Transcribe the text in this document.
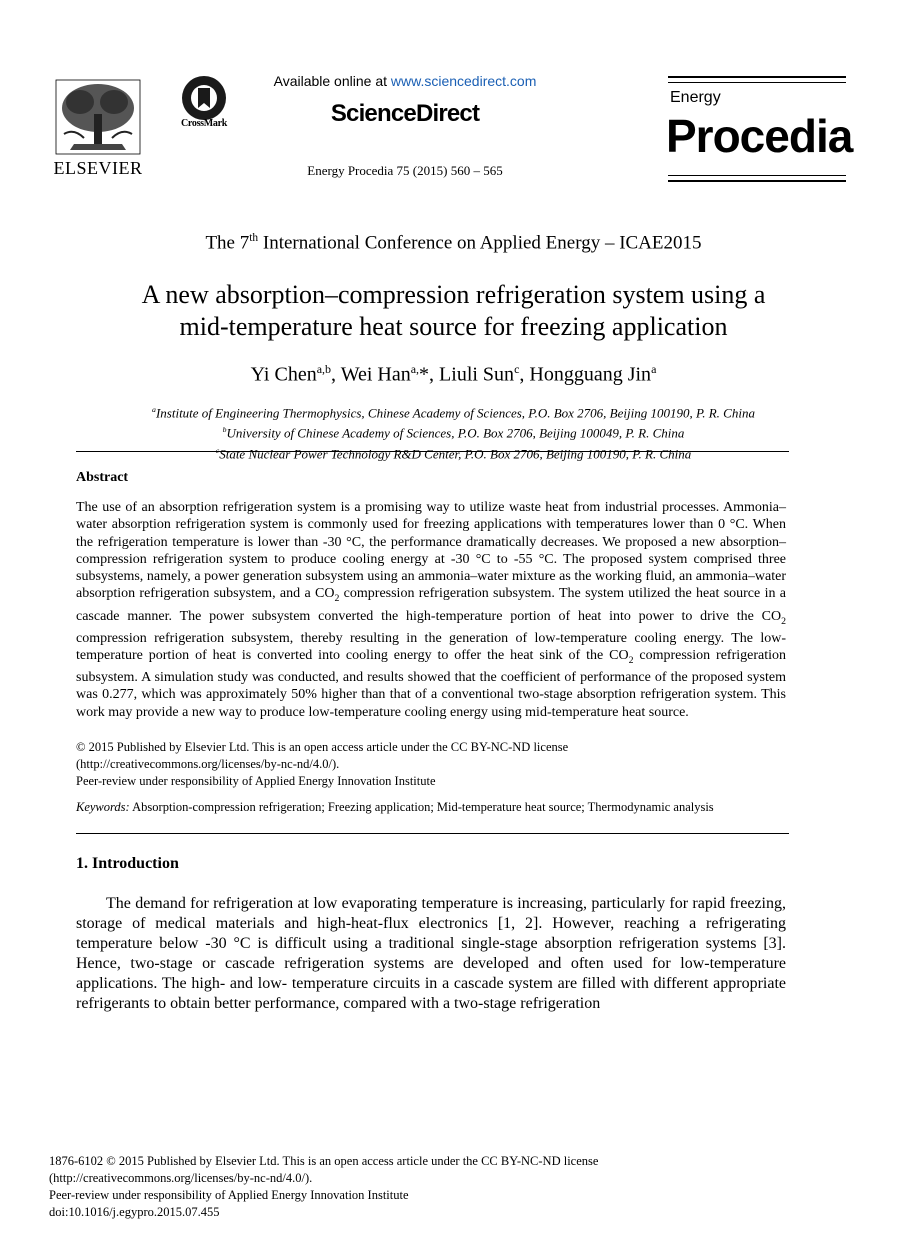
ELSEVIER
CrossMark
Available online at www.sciencedirect.com
ScienceDirect
Energy Procedia 75 (2015) 560 – 565
Energy
Procedia
The 7th International Conference on Applied Energy – ICAE2015
A new absorption–compression refrigeration system using a
mid-temperature heat source for freezing application
Yi Chen$^{a,b}$, Wei Han$^{a,}$*, Liuli Sun$^c$, Hongguang Jin$^a$
$^a$Institute of Engineering Thermophysics, Chinese Academy of Sciences, P.O. Box 2706, Beijing 100190, P. R. China
$^b$University of Chinese Academy of Sciences, P.O. Box 2706, Beijing 100049, P. R. China
$^c$State Nuclear Power Technology R&D Center, P.O. Box 2706, Beijing 100190, P. R. China
Abstract
The use of an absorption refrigeration system is a promising way to utilize waste heat from industrial processes. Ammonia–water absorption refrigeration system is commonly used for freezing applications with temperatures lower than 0 °C. When the refrigeration temperature is lower than -30 °C, the performance dramatically decreases. We proposed a new absorption–compression refrigeration system to produce cooling energy at -30 °C to -55 °C. The proposed system comprised three subsystems, namely, a power generation subsystem using an ammonia–water mixture as the working fluid, an ammonia–water absorption refrigeration subsystem, and a $CO_2$ compression refrigeration subsystem. The system utilized the heat source in a cascade manner. The power subsystem converted the high-temperature portion of heat into power to drive the $CO_2$ compression refrigeration subsystem, thereby resulting in the generation of low-temperature cooling energy. The low-temperature portion of heat is converted into cooling energy to offer the heat sink of the $CO_2$ compression refrigeration subsystem. A simulation study was conducted, and results showed that the coefficient of performance of the proposed system was 0.277, which was approximately 50% higher than that of a conventional two-stage absorption refrigeration system. This work may provide a new way to produce low-temperature cooling energy using mid-temperature heat source.
© 2015 Published by Elsevier Ltd. This is an open access article under the CC BY-NC-ND license
(http://creativecommons.org/licenses/by-nc-nd/4.0/).
Peer-review under responsibility of Applied Energy Innovation Institute
Keywords: Absorption-compression refrigeration; Freezing application; Mid-temperature heat source; Thermodynamic analysis
1. Introduction
The demand for refrigeration at low evaporating temperature is increasing, particularly for rapid freezing, storage of medical materials and high-heat-flux electronics [1, 2]. However, reaching a refrigerating temperature below -30 °C is difficult using a traditional single-stage absorption refrigeration systems [3]. Hence, two-stage or cascade refrigeration systems are developed and often used for low-temperature applications. The high- and low- temperature circuits in a cascade system are filled with different appropriate refrigerants to obtain better performance, compared with a two-stage refrigeration
1876-6102 © 2015 Published by Elsevier Ltd. This is an open access article under the CC BY-NC-ND license
(http://creativecommons.org/licenses/by-nc-nd/4.0/).
Peer-review under responsibility of Applied Energy Innovation Institute
doi:10.1016/j.egypro.2015.07.455
